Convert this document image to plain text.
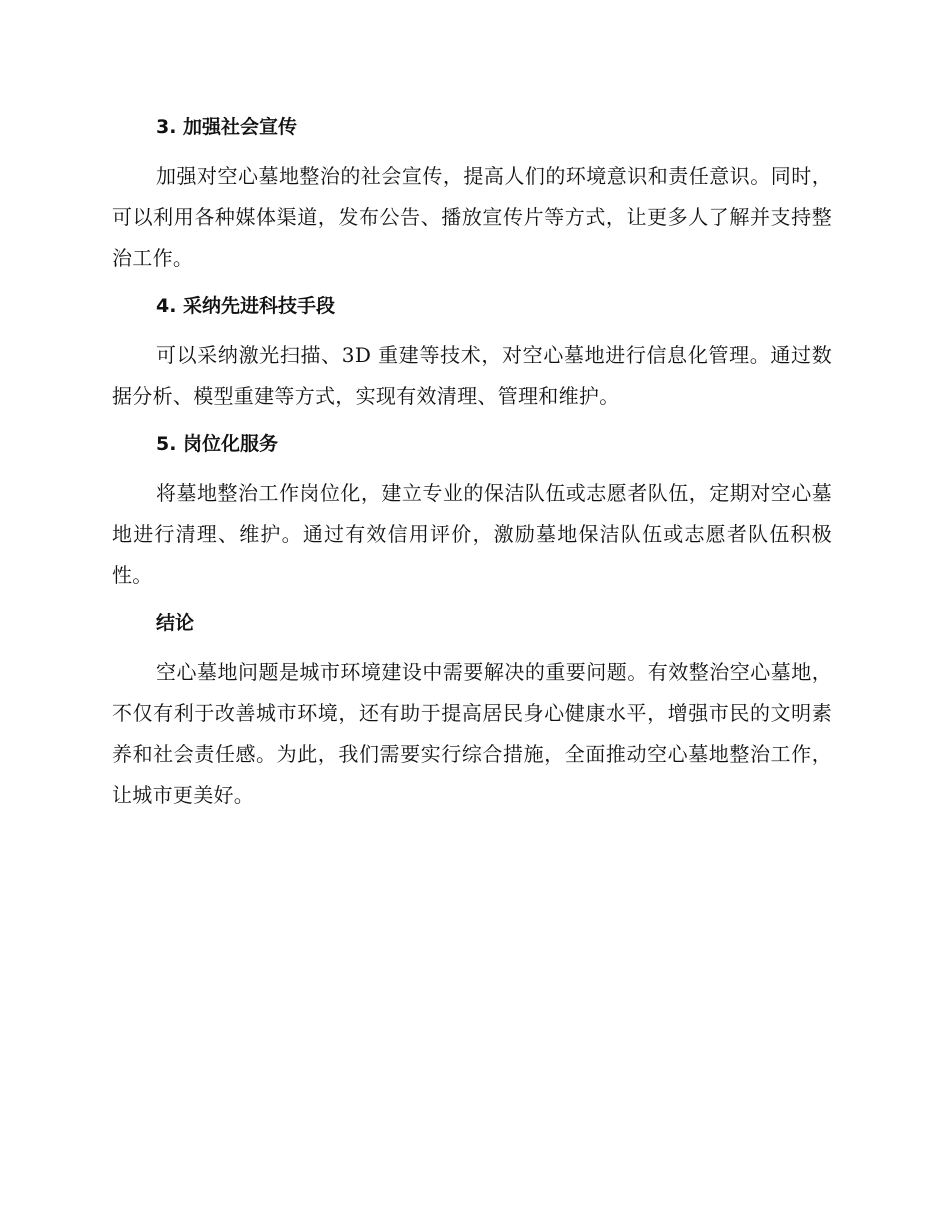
3. 加强社会宣传

加强对空心墓地整治的社会宣传，提高人们的环境意识和责任意识。同时，可以利用各种媒体渠道，发布公告、播放宣传片等方式，让更多人了解并支持整治工作。

4. 采纳先进科技手段

可以采纳激光扫描、3D 重建等技术，对空心墓地进行信息化管理。通过数据分析、模型重建等方式，实现有效清理、管理和维护。

5. 岗位化服务

将墓地整治工作岗位化，建立专业的保洁队伍或志愿者队伍，定期对空心墓地进行清理、维护。通过有效信用评价，激励墓地保洁队伍或志愿者队伍积极性。

结论

空心墓地问题是城市环境建设中需要解决的重要问题。有效整治空心墓地，不仅有利于改善城市环境，还有助于提高居民身心健康水平，增强市民的文明素养和社会责任感。为此，我们需要实行综合措施，全面推动空心墓地整治工作，让城市更美好。
